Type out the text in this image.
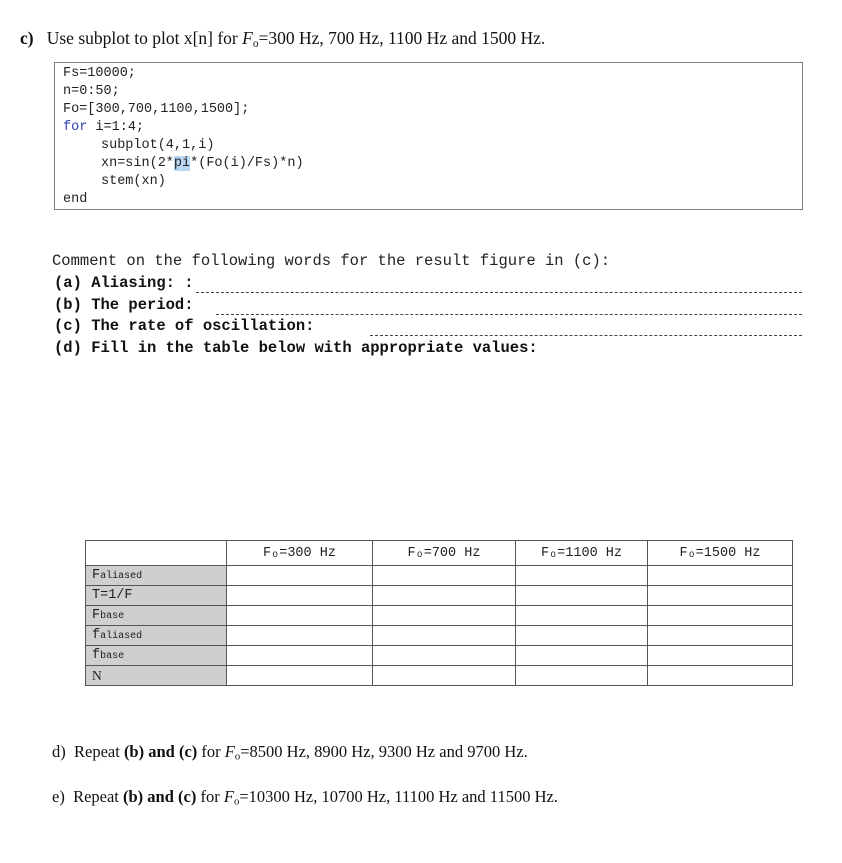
c) Use subplot to plot x[n] for $F_o=300$ Hz, 700 Hz, 1100 Hz and 1500 Hz.
Fs=10000;
n=0:50;
Fo=[300,700,1100,1500];
for i=1:4;
subplot(4,1,i)
xn=sin(2*pi*(Fo(i)/Fs)*n)
stem(xn)
end
Comment on the following words for the result figure in (c):
(a) Aliasing: :
(b) The period:
(c) The rate of oscillation:
(d) Fill in the table below with appropriate values:
	Fₒ=300 Hz	Fₒ=700 Hz	Fₒ=1100 Hz	Fₒ=1500 Hz
Faliased				
T=1/F				
Fbase				
faliased				
fbase				
N				
d) Repeat (b) and (c) for $F_o=8500$ Hz, 8900 Hz, 9300 Hz and 9700 Hz.
e) Repeat (b) and (c) for $F_o=10300$ Hz, 10700 Hz, 11100 Hz and 11500 Hz.
